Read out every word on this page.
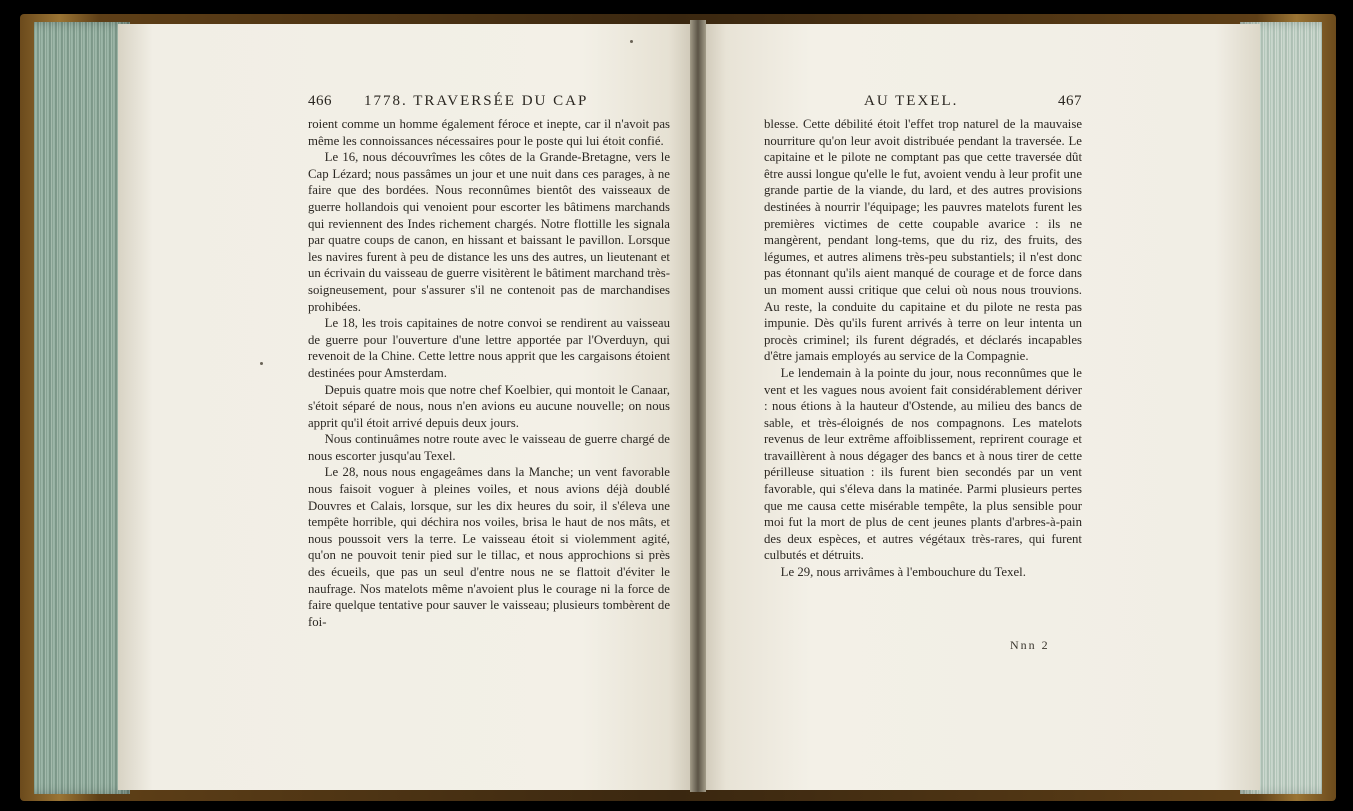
466 1778. TRAVERSÉE DU CAP

roient comme un homme également féroce et inepte, car il n'avoit pas même les connoissances nécessaires pour le poste qui lui étoit confié.

Le 16, nous découvrîmes les côtes de la Grande-Bretagne, vers le Cap Lézard; nous passâmes un jour et une nuit dans ces parages, à ne faire que des bordées. Nous reconnûmes bientôt des vaisseaux de guerre hollandois qui venoient pour escorter les bâtimens marchands qui reviennent des Indes richement chargés. Notre flottille les signala par quatre coups de canon, en hissant et baissant le pavillon. Lorsque les navires furent à peu de distance les uns des autres, un lieutenant et un écrivain du vaisseau de guerre visitèrent le bâtiment marchand très-soigneusement, pour s'assurer s'il ne contenoit pas de marchandises prohibées.

Le 18, les trois capitaines de notre convoi se rendirent au vaisseau de guerre pour l'ouverture d'une lettre apportée par l'Overduyn, qui revenoit de la Chine. Cette lettre nous apprit que les cargaisons étoient destinées pour Amsterdam.

Depuis quatre mois que notre chef Koelbier, qui montoit le Canaar, s'étoit séparé de nous, nous n'en avions eu aucune nouvelle; on nous apprit qu'il étoit arrivé depuis deux jours.

Nous continuâmes notre route avec le vaisseau de guerre chargé de nous escorter jusqu'au Texel.

Le 28, nous nous engageâmes dans la Manche; un vent favorable nous faisoit voguer à pleines voiles, et nous avions déjà doublé Douvres et Calais, lorsque, sur les dix heures du soir, il s'éleva une tempête horrible, qui déchira nos voiles, brisa le haut de nos mâts, et nous poussoit vers la terre. Le vaisseau étoit si violemment agité, qu'on ne pouvoit tenir pied sur le tillac, et nous approchions si près des écueils, que pas un seul d'entre nous ne se flattoit d'éviter le naufrage. Nos matelots même n'avoient plus le courage ni la force de faire quelque tentative pour sauver le vaisseau; plusieurs tombèrent de foi-

AU TEXEL.	467

blesse. Cette débilité étoit l'effet trop naturel de la mauvaise nourriture qu'on leur avoit distribuée pendant la traversée. Le capitaine et le pilote ne comptant pas que cette traversée dût être aussi longue qu'elle le fut, avoient vendu à leur profit une grande partie de la viande, du lard, et des autres provisions destinées à nourrir l'équipage; les pauvres matelots furent les premières victimes de cette coupable avarice : ils ne mangèrent, pendant long-tems, que du riz, des fruits, des légumes, et autres alimens très-peu substantiels; il n'est donc pas étonnant qu'ils aient manqué de courage et de force dans un moment aussi critique que celui où nous nous trouvions. Au reste, la conduite du capitaine et du pilote ne resta pas impunie. Dès qu'ils furent arrivés à terre on leur intenta un procès criminel; ils furent dégradés, et déclarés incapables d'être jamais employés au service de la Compagnie.

Le lendemain à la pointe du jour, nous reconnûmes que le vent et les vagues nous avoient fait considérablement dériver : nous étions à la hauteur d'Ostende, au milieu des bancs de sable, et très-éloignés de nos compagnons. Les matelots revenus de leur extrême affoiblissement, reprirent courage et travaillèrent à nous dégager des bancs et à nous tirer de cette périlleuse situation : ils furent bien secondés par un vent favorable, qui s'éleva dans la matinée. Parmi plusieurs pertes que me causa cette misérable tempête, la plus sensible pour moi fut la mort de plus de cent jeunes plants d'arbres-à-pain des deux espèces, et autres végétaux très-rares, qui furent culbutés et détruits.

Le 29, nous arrivâmes à l'embouchure du Texel.

Nnn 2
